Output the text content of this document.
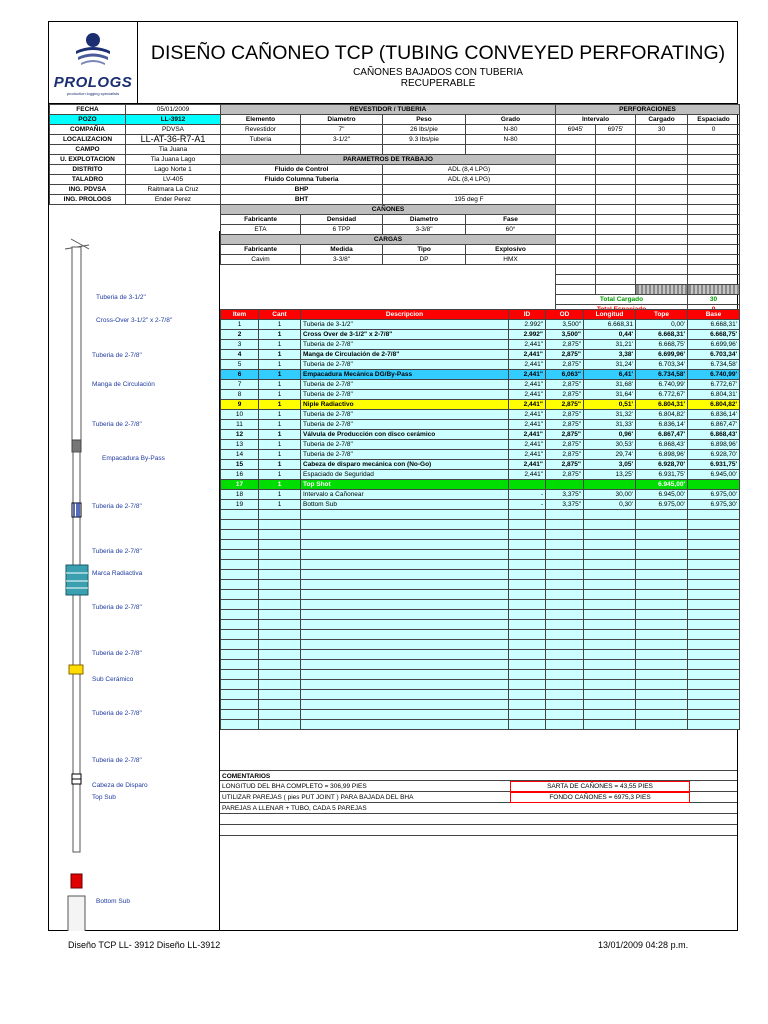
PROLOGS
production logging specialists
DISEÑO CAÑONEO TCP (TUBING CONVEYED PERFORATING)
CAÑONES BAJADOS CON TUBERIA
RECUPERABLE
FECHA	05/01/2009
POZO	LL-3912
COMPAÑIA	PDVSA
LOCALIZACION	LL-AT-36-R7-A1
CAMPO	Tia Juana
U. EXPLOTACION	Tia Juana Lago
DISTRITO	Lago Norte 1
TALADRO	LV-405
ING. PDVSA	Raitmara La Cruz
ING. PROLOGS	Ender Perez
REVESTIDOR / TUBERIA			
Elemento	Diametro	Peso	Grado
Revestidor	7"	26 lbs/pie	N-80
Tuberia	3-1/2"	9.3 lbs/pie	N-80

PARAMETROS DE TRABAJO			
Fluido de Control		ADL (8,4 LPG)	
Fluido Columna Tuberia		ADL (8,4 LPG)	
BHP			
BHT		195 deg F	
CAÑONES			
Fabricante	Densidad	Diametro	Fase
ETA	6 TPP	3-3/8"	60°
CARGAS			
Fabricante	Medida	Tipo	Explosivo
Cavim	3-3/8"	DP	HMX
PERFORACIONES			
Intervalo		Cargado	Espaciado
6945'	6975'	30	0

Total Cargado			30

Item	Cant	Descripcion	ID	OD	Longitud	Tope	Base
1	1	Tuberia de 3-1/2"	2.992"	3,500"	6.668,31	0,00'	6.668,31'
2	1	Cross Over de 3-1/2" x 2-7/8"	2.992"	3,500"	0,44'	6.668,31'	6.668,75'
3	1	Tuberia de 2-7/8"	2,441"	2,875"	31,21'	6.668,75'	6.699,96'
4	1	Manga de Circulación de 2-7/8"	2,441"	2,875"	3,38'	6.699,96'	6.703,34'
5	1	Tuberia de 2-7/8"	2,441"	2,875"	31,24'	6.703,34'	6.734,58'
6	1	Empacadura Mecánica DG/By-Pass	2,441"	6,063"	6,41'	6.734,58'	6.740,99'
7	1	Tuberia de 2-7/8"	2,441"	2,875"	31,68'	6.740,99'	6.772,67'
8	1	Tuberia de 2-7/8"	2,441"	2,875"	31,64'	6.772,67'	6.804,31'
9	1	Niple Radiactivo	2,441"	2,875"	0,51'	6.804,31'	6.804,82'
10	1	Tuberia de 2-7/8"	2,441"	2,875"	31,32'	6.804,82'	6.836,14'
11	1	Tuberia de 2-7/8"	2,441"	2,875"	31,33'	6.836,14'	6.867,47'
12	1	Válvula de Producción con disco cerámico	2,441"	2,875"	0,96'	6.867,47'	6.868,43'
13	1	Tuberia de 2-7/8"	2,441"	2,875"	30,53'	6.868,43'	6.898,96'
14	1	Tuberia de 2-7/8"	2,441"	2,875"	29,74'	6.898,96'	6.928,70'
15	1	Cabeza de disparo mecánica con (No-Go)	2,441"	2,875"	3,05'	6.928,70'	6.931,75'
16	1	Espaciado de Seguridad	2,441"	2,875"	13,25'	6.931,75'	6.945,00'
17	1	Top Shot				6.945,00'	
18	1	Intervalo a Cañonear	-	3,375"	30,00'	6.945,00'	6.975,00'
19	1	Bottom Sub	-	3,375"	0,30'	6.975,00'	6.975,30'

COMENTARIOS
LONGITUD DEL BHA COMPLETO = 306,99 PIES
UTILIZAR PAREJAS ( pies PUT JOINT ) PARA BAJADA DEL BHA
PAREJAS A LLENAR + TUBO, CADA 5 PAREJAS
SARTA DE CAÑONES = 43,55 PIES
FONDO CAÑONES = 6975,3 PIES
Tuberia de 3-1/2"
Cross-Over 3-1/2" x 2-7/8"
Tuberia de 2-7/8"
Manga de Circulación
Tuberia de 2-7/8"
Empacadura By-Pass
Tuberia de 2-7/8"
Tuberia de 2-7/8"
Marca Radiactiva
Tuberia de 2-7/8"
Tuberia de 2-7/8"
Sub Cerámico
Tuberia de 2-7/8"
Tuberia de 2-7/8"
Cabeza de Disparo
Top Sub
Bottom Sub
Diseño TCP LL- 3912 Diseño LL-3912	13/01/2009 04:28 p.m.
